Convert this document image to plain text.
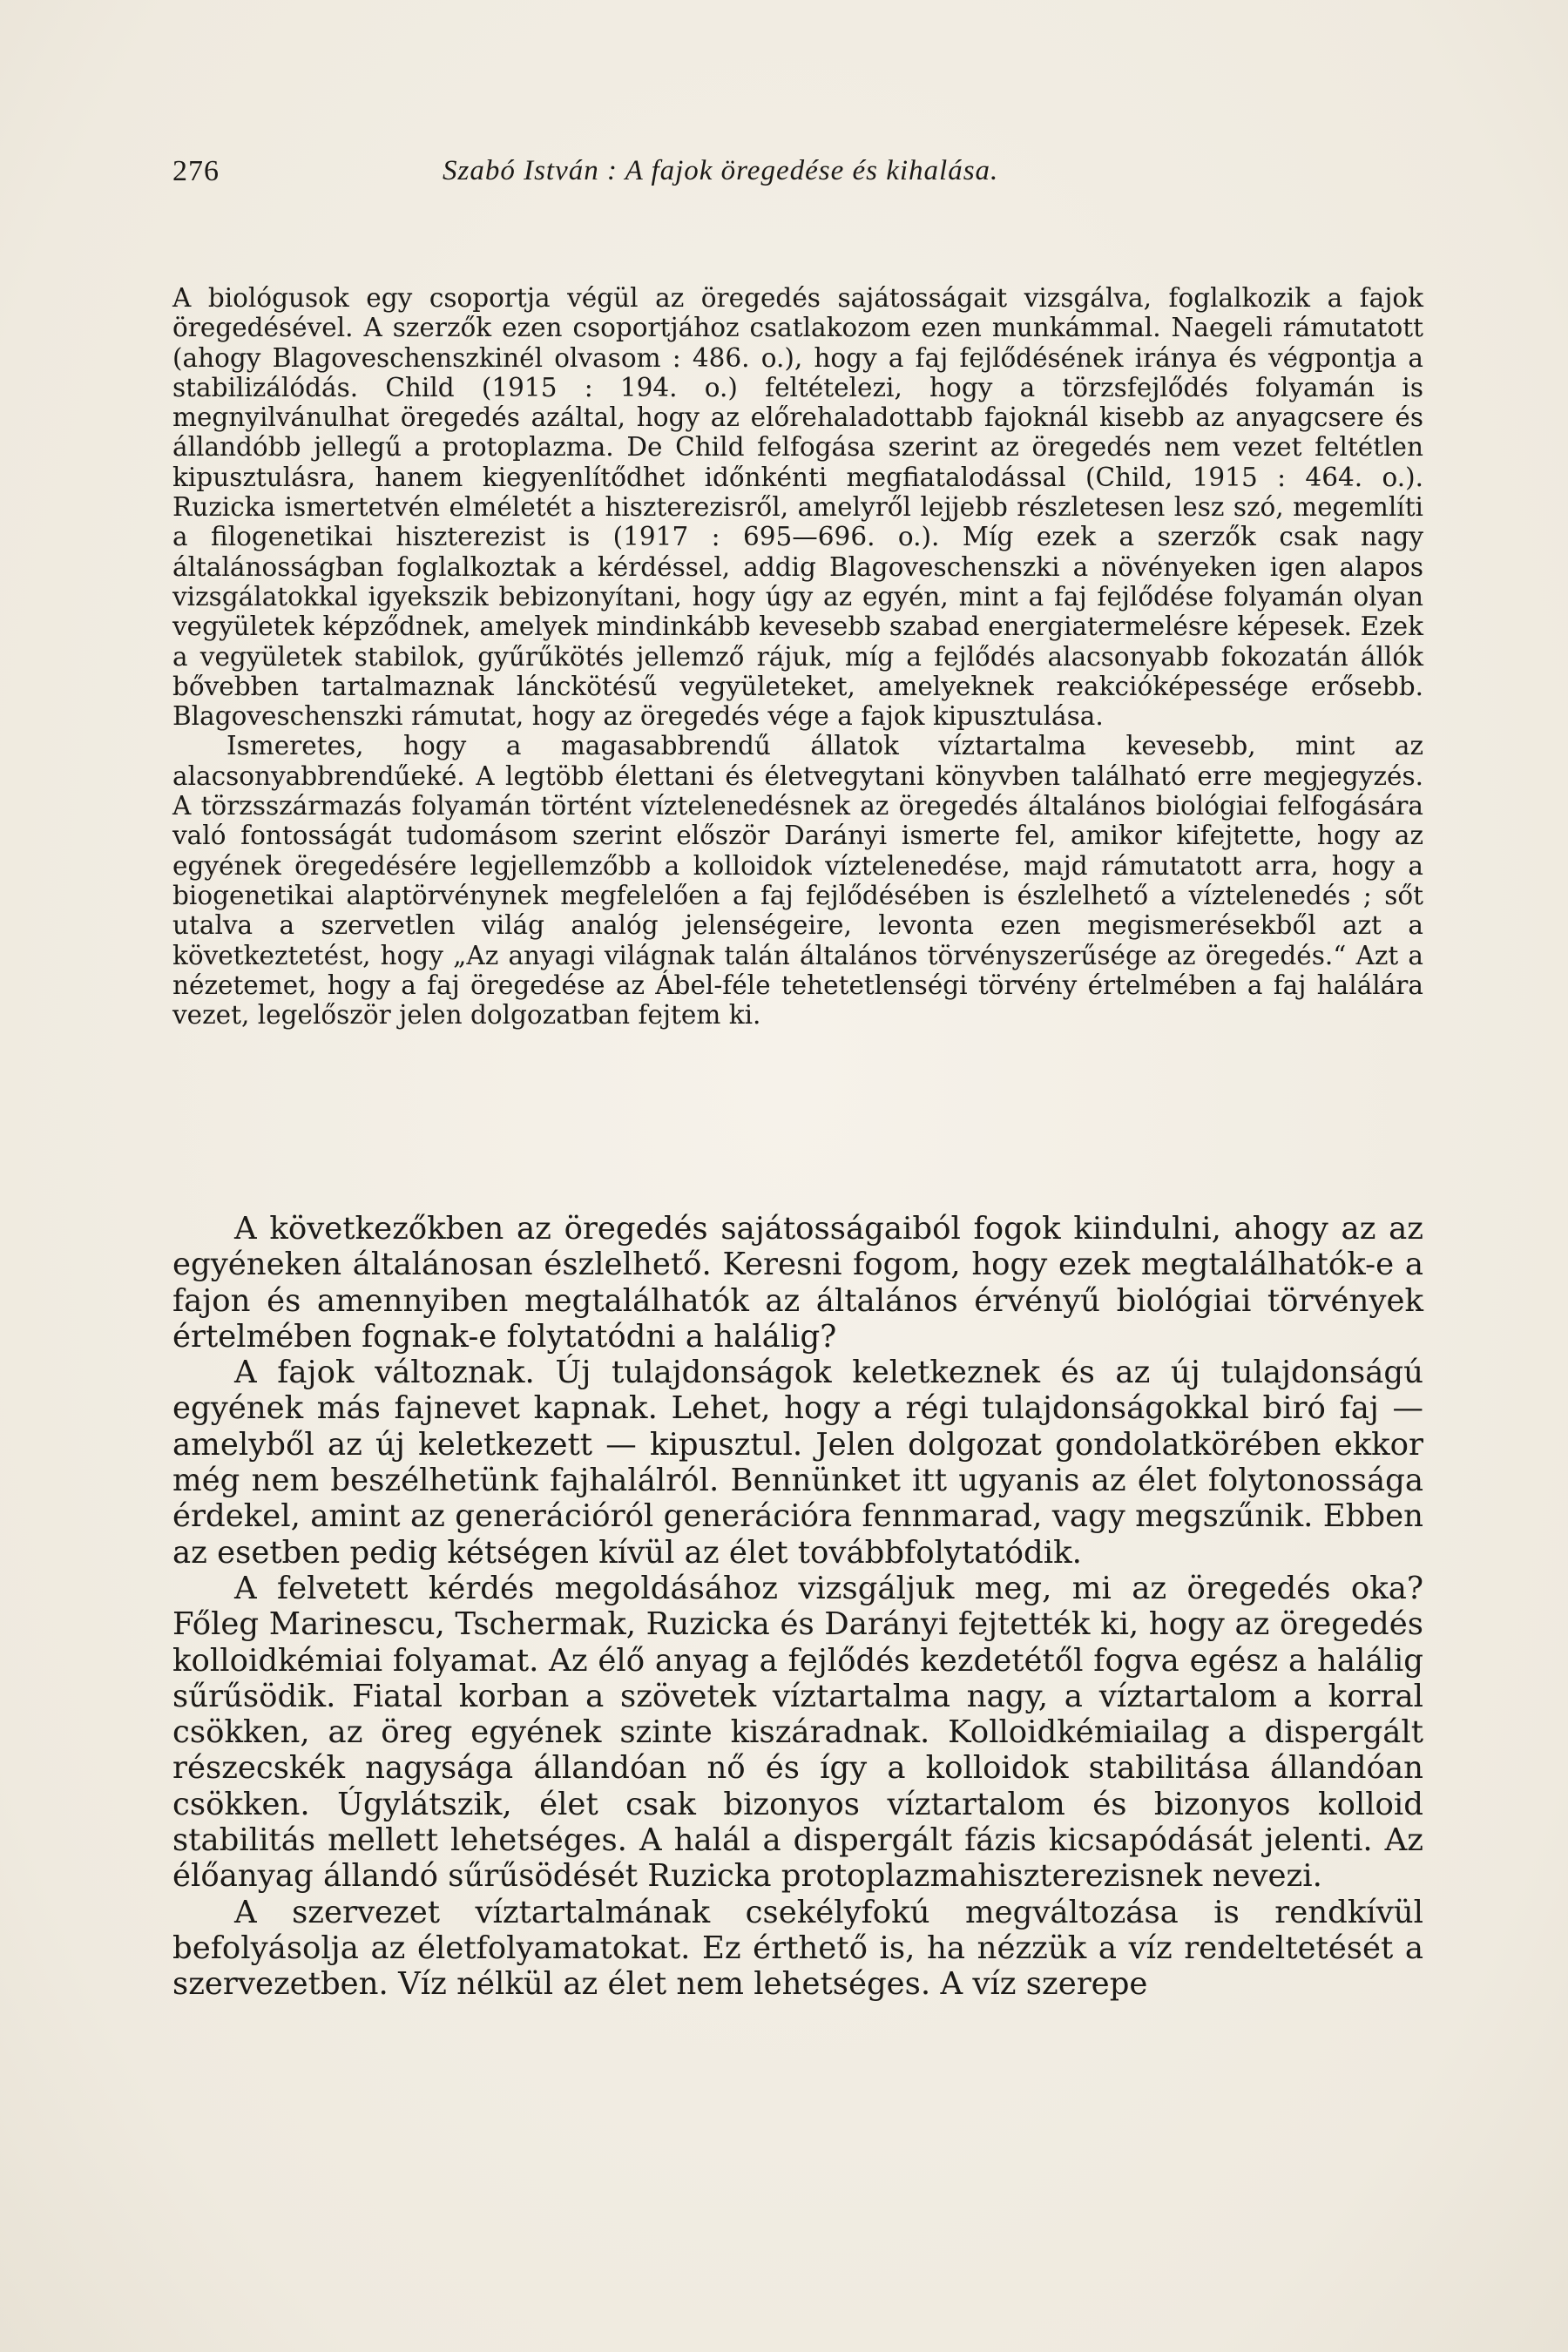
276	Szabó István : A fajok öregedése és kihalása.

A biológusok egy csoportja végül az öregedés sajátosságait vizsgálva, foglalkozik a fajok öregedésével. A szerzők ezen csoportjához csatlakozom ezen munkámmal. Naegeli rámutatott (ahogy Blagoveschenszkinél olvasom : 486. o.), hogy a faj fejlődésének iránya és végpontja a stabilizálódás. Child (1915 : 194. o.) feltételezi, hogy a törzsfejlődés folyamán is megnyilvánulhat öregedés azáltal, hogy az előrehaladottabb fajoknál kisebb az anyagcsere és állandóbb jellegű a protoplazma. De Child felfogása szerint az öregedés nem vezet feltétlen kipusztulásra, hanem kiegyenlítődhet időnkénti megfiatalodással (Child, 1915 : 464. o.). Ruzicka ismertetvén elméletét a hiszterezisről, amelyről lejjebb részletesen lesz szó, megemlíti a filogenetikai hiszterezist is (1917 : 695—696. o.). Míg ezek a szerzők csak nagy általánosságban foglalkoztak a kérdéssel, addig Blagoveschenszki a növényeken igen alapos vizsgálatokkal igyekszik bebizonyítani, hogy úgy az egyén, mint a faj fejlődése folyamán olyan vegyületek képződnek, amelyek mindinkább kevesebb szabad energiatermelésre képesek. Ezek a vegyületek stabilok, gyűrűkötés jellemző rájuk, míg a fejlődés alacsonyabb fokozatán állók bővebben tartalmaznak lánckötésű vegyületeket, amelyeknek reakcióképessége erősebb. Blagoveschenszki rámutat, hogy az öregedés vége a fajok kipusztulása.

Ismeretes, hogy a magasabbrendű állatok víztartalma kevesebb, mint az alacsonyabbrendűeké. A legtöbb élettani és életvegytani könyvben található erre megjegyzés. A törzsszármazás folyamán történt víztelenedésnek az öregedés általános biológiai felfogására való fontosságát tudomásom szerint először Darányi ismerte fel, amikor kifejtette, hogy az egyének öregedésére legjellemzőbb a kolloidok víztelenedése, majd rámutatott arra, hogy a biogenetikai alaptörvénynek megfelelően a faj fejlődésében is észlelhető a víztelenedés ; sőt utalva a szervetlen világ analóg jelenségeire, levonta ezen megismerésekből azt a következtetést, hogy „Az anyagi világnak talán általános törvényszerűsége az öregedés.“ Azt a nézetemet, hogy a faj öregedése az Ábel-féle tehetetlenségi törvény értelmében a faj halálára vezet, legelőször jelen dolgozatban fejtem ki.

A következőkben az öregedés sajátosságaiból fogok kiindulni, ahogy az az egyéneken általánosan észlelhető. Keresni fogom, hogy ezek megtalálhatók-e a fajon és amennyiben megtalálhatók az általános érvényű biológiai törvények értelmében fognak-e folytatódni a halálig?

A fajok változnak. Új tulajdonságok keletkeznek és az új tulajdonságú egyének más fajnevet kapnak. Lehet, hogy a régi tulajdonságokkal biró faj — amelyből az új keletkezett — kipusztul. Jelen dolgozat gondolatkörében ekkor még nem beszélhetünk fajhalálról. Bennünket itt ugyanis az élet folytonossága érdekel, amint az generációról generációra fennmarad, vagy megszűnik. Ebben az esetben pedig kétségen kívül az élet továbbfolytatódik.

A felvetett kérdés megoldásához vizsgáljuk meg, mi az öregedés oka? Főleg Marinescu, Tschermak, Ruzicka és Darányi fejtették ki, hogy az öregedés kolloidkémiai folyamat. Az élő anyag a fejlődés kezdetétől fogva egész a halálig sűrűsödik. Fiatal korban a szövetek víztartalma nagy, a víztartalom a korral csökken, az öreg egyének szinte kiszáradnak. Kolloidkémiailag a dispergált részecskék nagysága állandóan nő és így a kolloidok stabilitása állandóan csökken. Úgylátszik, élet csak bizonyos víztartalom és bizonyos kolloid stabilitás mellett lehetséges. A halál a dispergált fázis kicsapódását jelenti. Az élőanyag állandó sűrűsödését Ruzicka protoplazmahiszterezisnek nevezi.

A szervezet víztartalmának csekélyfokú megváltozása is rendkívül befolyásolja az életfolyamatokat. Ez érthető is, ha nézzük a víz rendeltetését a szervezetben. Víz nélkül az élet nem lehetséges. A víz szerepe
